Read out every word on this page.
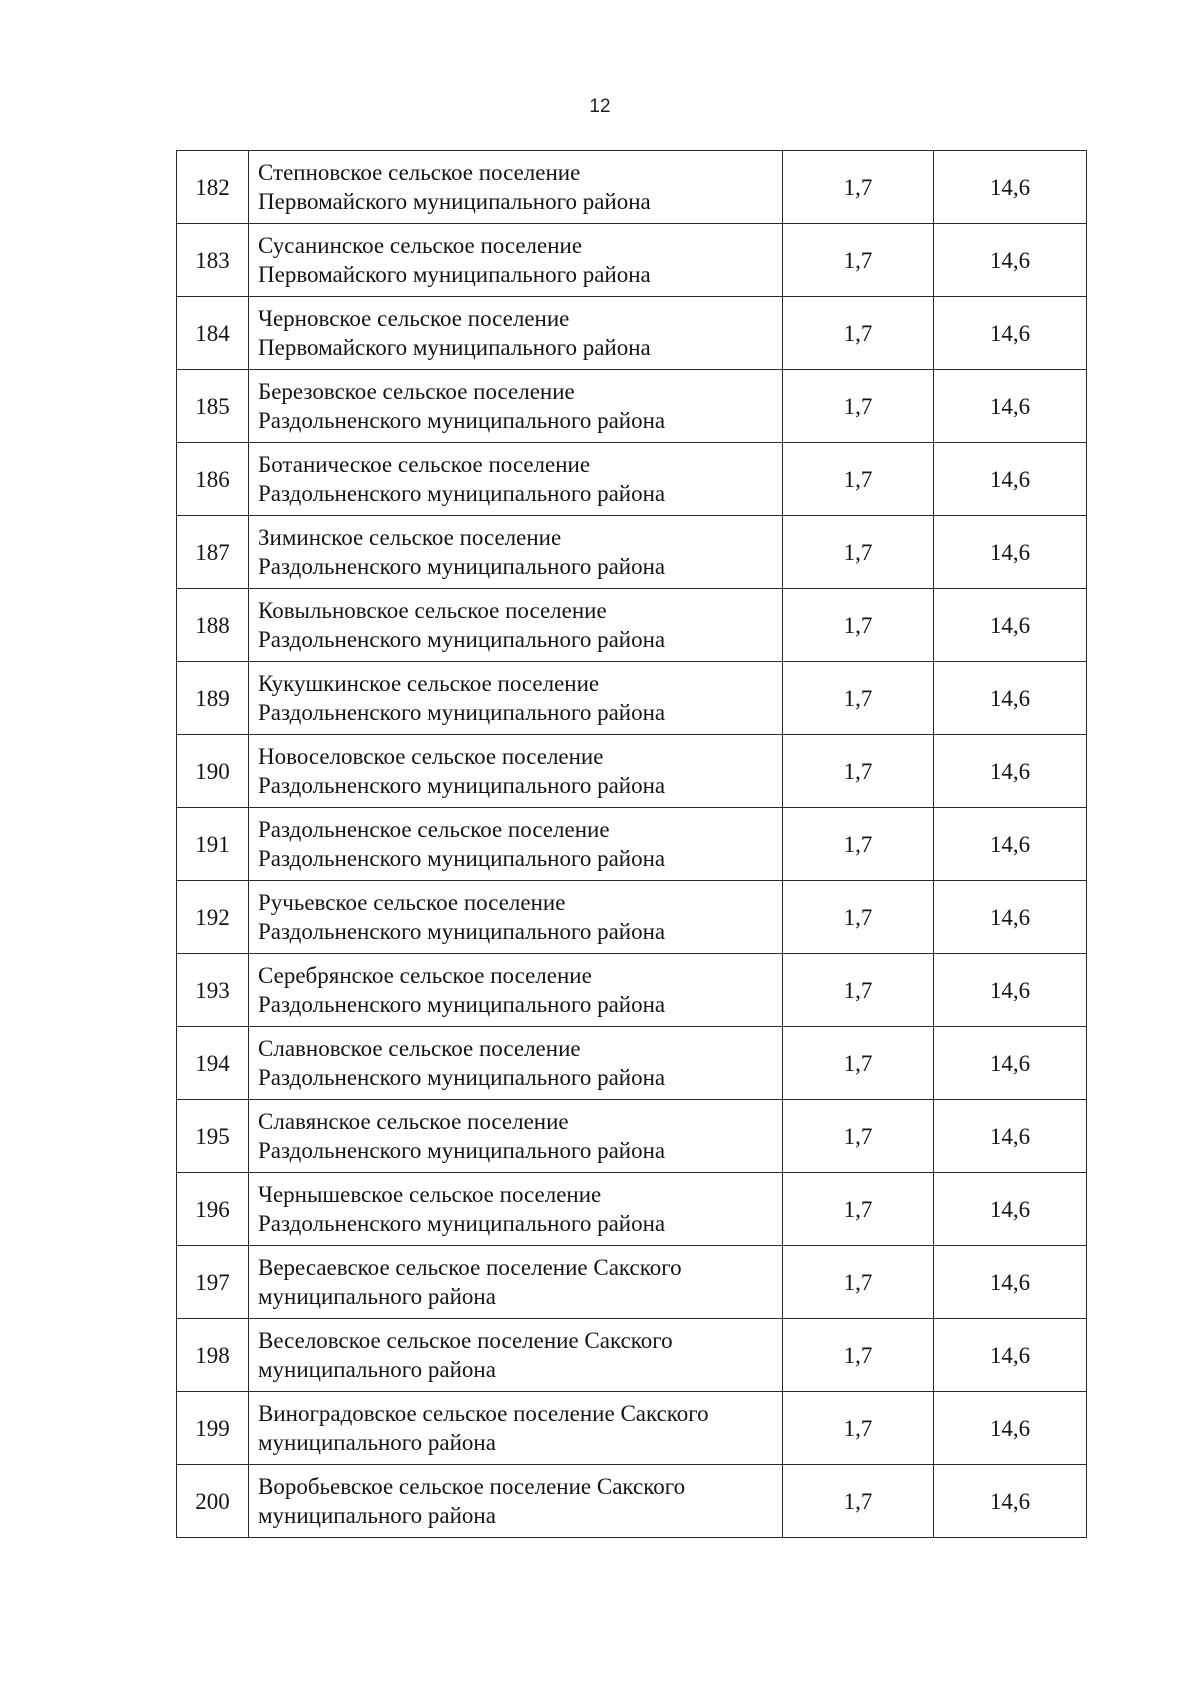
12
182	Степновское сельское поселение
Первомайского муниципального района	1,7	14,6
183	Сусанинское сельское поселение
Первомайского муниципального района	1,7	14,6
184	Черновское сельское поселение
Первомайского муниципального района	1,7	14,6
185	Березовское сельское поселение
Раздольненского муниципального района	1,7	14,6
186	Ботаническое сельское поселение
Раздольненского муниципального района	1,7	14,6
187	Зиминское сельское поселение
Раздольненского муниципального района	1,7	14,6
188	Ковыльновское сельское поселение
Раздольненского муниципального района	1,7	14,6
189	Кукушкинское сельское поселение
Раздольненского муниципального района	1,7	14,6
190	Новоселовское сельское поселение
Раздольненского муниципального района	1,7	14,6
191	Раздольненское сельское поселение
Раздольненского муниципального района	1,7	14,6
192	Ручьевское сельское поселение
Раздольненского муниципального района	1,7	14,6
193	Серебрянское сельское поселение
Раздольненского муниципального района	1,7	14,6
194	Славновское сельское поселение
Раздольненского муниципального района	1,7	14,6
195	Славянское сельское поселение
Раздольненского муниципального района	1,7	14,6
196	Чернышевское сельское поселение
Раздольненского муниципального района	1,7	14,6
197	Вересаевское сельское поселение Сакского
муниципального района	1,7	14,6
198	Веселовское сельское поселение Сакского
муниципального района	1,7	14,6
199	Виноградовское сельское поселение Сакского
муниципального района	1,7	14,6
200	Воробьевское сельское поселение Сакского
муниципального района	1,7	14,6
